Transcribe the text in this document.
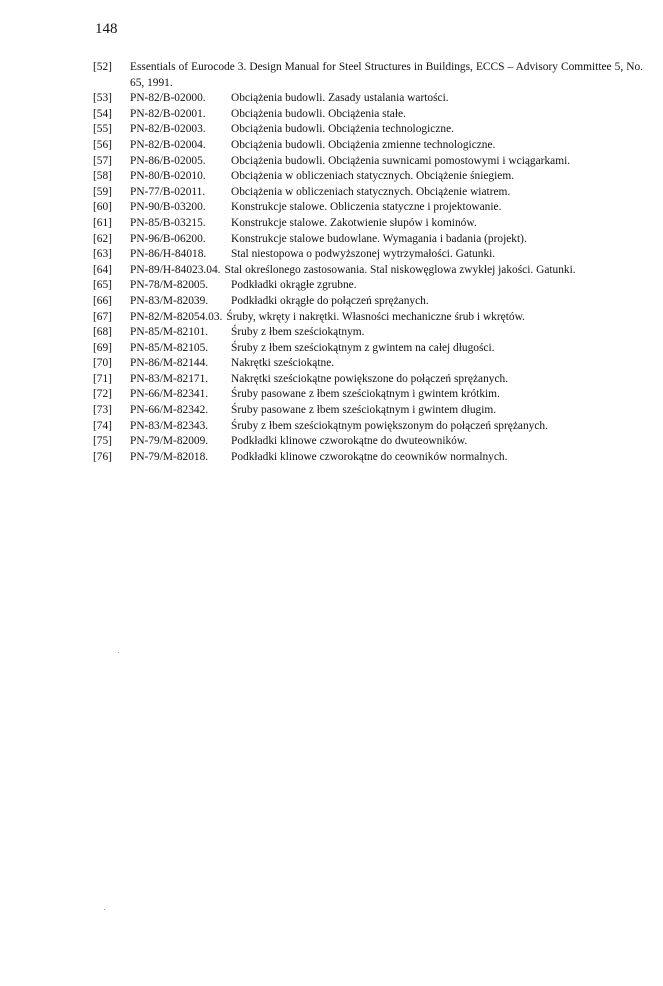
148
[52] Essentials of Eurocode 3. Design Manual for Steel Structures in Buildings, ECCS – Advisory Committee 5, No. 65, 1991.
[53] PN-82/B-02000. Obciążenia budowli. Zasady ustalania wartości.
[54] PN-82/B-02001. Obciążenia budowli. Obciążenia stałe.
[55] PN-82/B-02003. Obciążenia budowli. Obciążenia technologiczne.
[56] PN-82/B-02004. Obciążenia budowli. Obciążenia zmienne technologiczne.
[57] PN-86/B-02005. Obciążenia budowli. Obciążenia suwnicami pomostowymi i wciągarkami.
[58] PN-80/B-02010. Obciążenia w obliczeniach statycznych. Obciążenie śniegiem.
[59] PN-77/B-02011. Obciążenia w obliczeniach statycznych. Obciążenie wiatrem.
[60] PN-90/B-03200. Konstrukcje stalowe. Obliczenia statyczne i projektowanie.
[61] PN-85/B-03215. Konstrukcje stalowe. Zakotwienie słupów i kominów.
[62] PN-96/B-06200. Konstrukcje stalowe budowlane. Wymagania i badania (projekt).
[63] PN-86/H-84018. Stal niestopowa o podwyższonej wytrzymałości. Gatunki.
[64] PN-89/H-84023.04. Stal określonego zastosowania. Stal niskowęglowa zwykłej jakości. Gatunki.
[65] PN-78/M-82005. Podkładki okrągłe zgrubne.
[66] PN-83/M-82039. Podkładki okrągłe do połączeń sprężanych.
[67] PN-82/M-82054.03. Śruby, wkręty i nakrętki. Własności mechaniczne śrub i wkrętów.
[68] PN-85/M-82101. Śruby z łbem sześciokątnym.
[69] PN-85/M-82105. Śruby z łbem sześciokątnym z gwintem na całej długości.
[70] PN-86/M-82144. Nakrętki sześciokątne.
[71] PN-83/M-82171. Nakrętki sześciokątne powiększone do połączeń sprężanych.
[72] PN-66/M-82341. Śruby pasowane z łbem sześciokątnym i gwintem krótkim.
[73] PN-66/M-82342. Śruby pasowane z łbem sześciokątnym i gwintem długim.
[74] PN-83/M-82343. Śruby z łbem sześciokątnym powiększonym do połączeń sprężanych.
[75] PN-79/M-82009. Podkładki klinowe czworokątne do dwuteowników.
[76] PN-79/M-82018. Podkładki klinowe czworokątne do ceowników normalnych.
